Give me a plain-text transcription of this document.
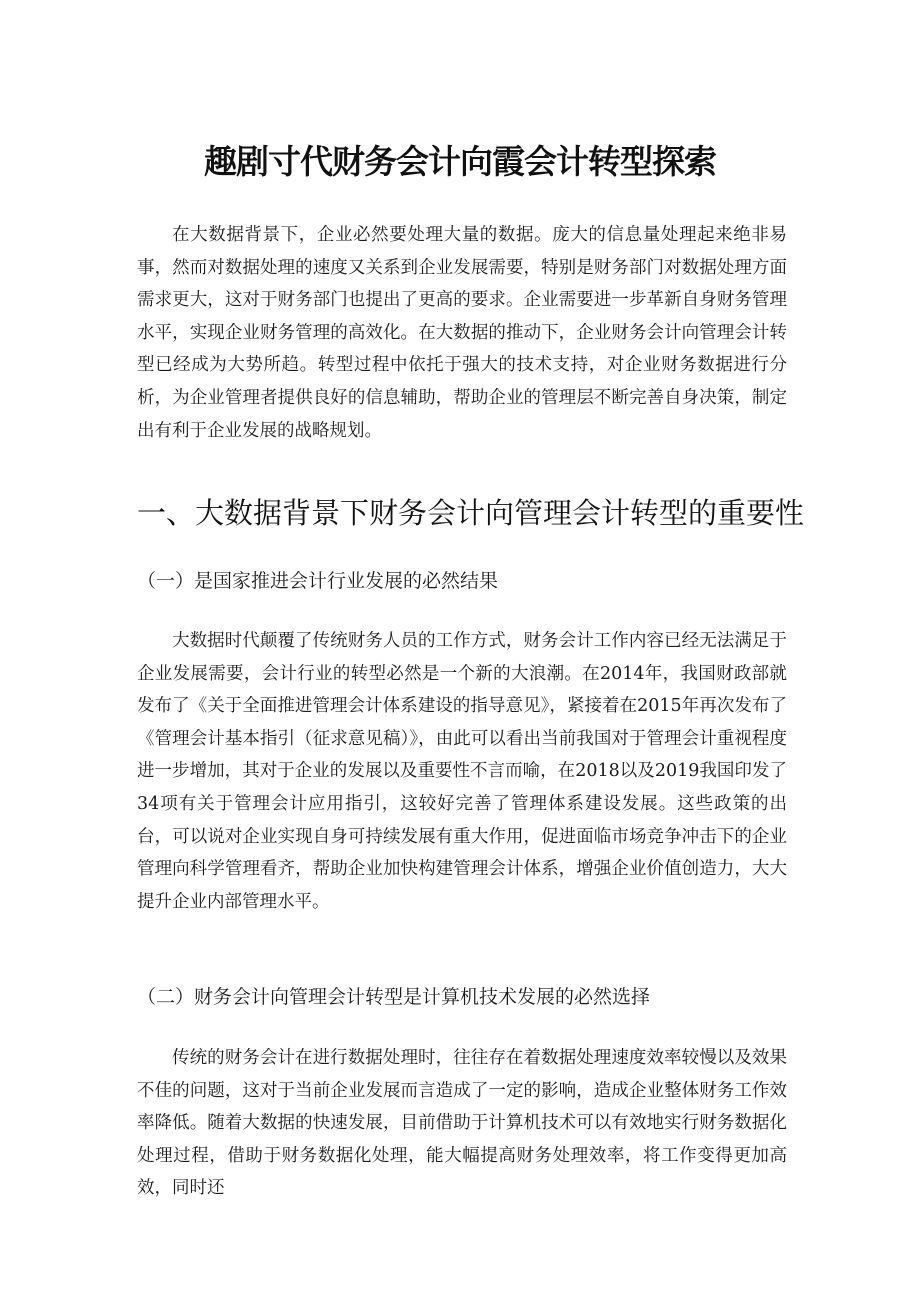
趣剧寸代财务会计向霞会计转型探索

在大数据背景下，企业必然要处理大量的数据。庞大的信息量处理起来绝非易事，然而对数据处理的速度又关系到企业发展需要，特别是财务部门对数据处理方面需求更大，这对于财务部门也提出了更高的要求。企业需要进一步革新自身财务管理水平，实现企业财务管理的高效化。在大数据的推动下，企业财务会计向管理会计转型已经成为大势所趋。转型过程中依托于强大的技术支持，对企业财务数据进行分析，为企业管理者提供良好的信息辅助，帮助企业的管理层不断完善自身决策，制定出有利于企业发展的战略规划。

一、大数据背景下财务会计向管理会计转型的重要性
（一）是国家推进会计行业发展的必然结果

大数据时代颠覆了传统财务人员的工作方式，财务会计工作内容已经无法满足于企业发展需要，会计行业的转型必然是一个新的大浪潮。在2014年，我国财政部就发布了《关于全面推进管理会计体系建设的指导意见》，紧接着在2015年再次发布了《管理会计基本指引（征求意见稿）》，由此可以看出当前我国对于管理会计重视程度进一步增加，其对于企业的发展以及重要性不言而喻，在2018以及2019我国印发了34项有关于管理会计应用指引，这较好完善了管理体系建设发展。这些政策的出台，可以说对企业实现自身可持续发展有重大作用，促进面临市场竞争冲击下的企业管理向科学管理看齐，帮助企业加快构建管理会计体系，增强企业价值创造力，大大提升企业内部管理水平。

（二）财务会计向管理会计转型是计算机技术发展的必然选择

传统的财务会计在进行数据处理时，往往存在着数据处理速度效率较慢以及效果不佳的问题，这对于当前企业发展而言造成了一定的影响，造成企业整体财务工作效率降低。随着大数据的快速发展，目前借助于计算机技术可以有效地实行财务数据化处理过程，借助于财务数据化处理，能大幅提高财务处理效率，将工作变得更加高效，同时还
